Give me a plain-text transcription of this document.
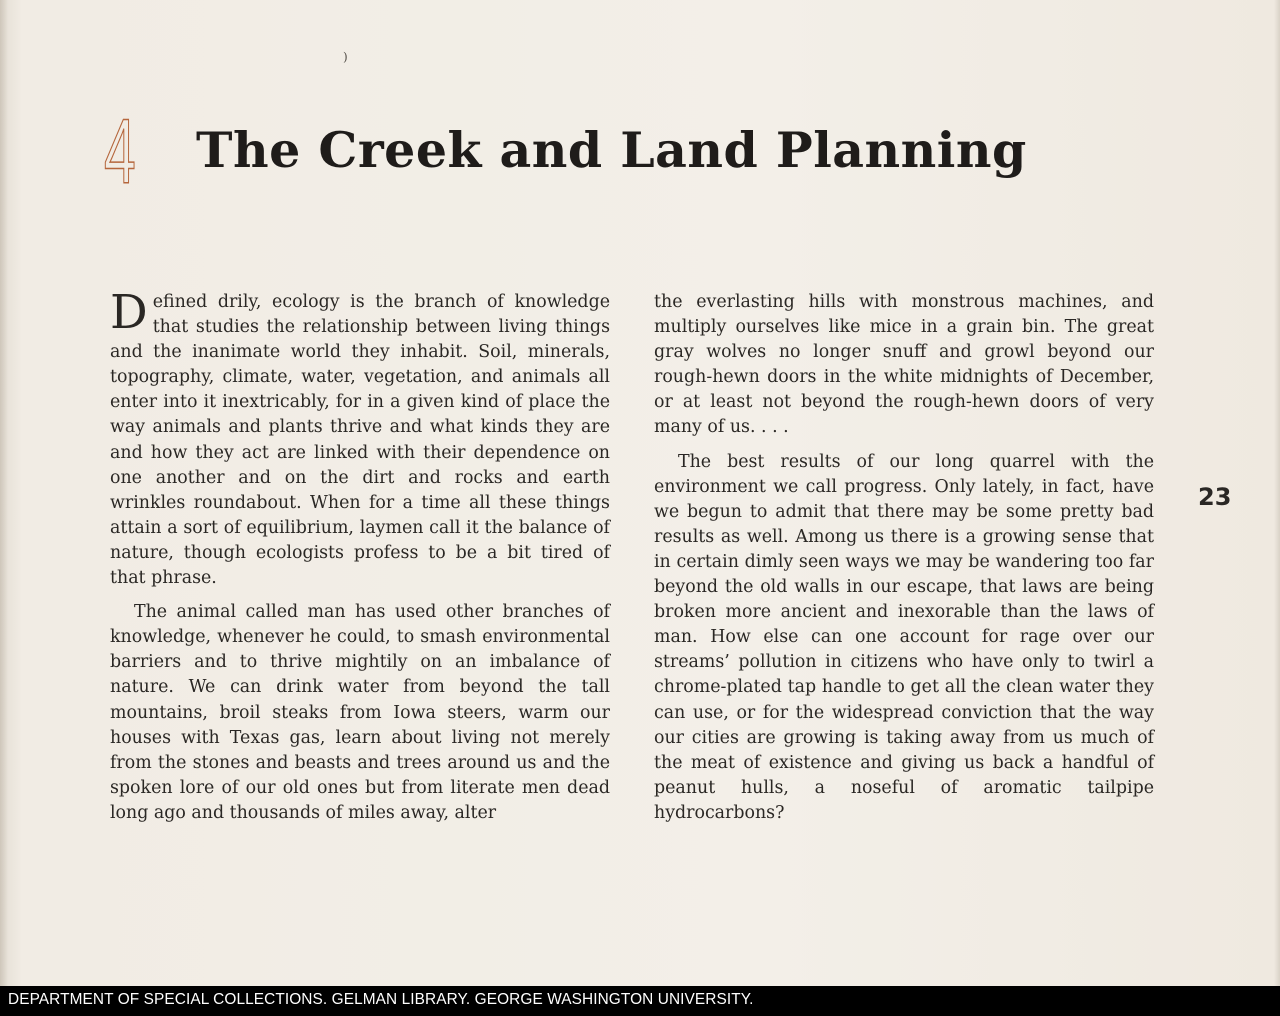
)
4 The Creek and Land Planning

Defined drily, ecology is the branch of knowledge that studies the relationship between living things and the inanimate world they inhabit. Soil, minerals, topography, climate, water, vegetation, and animals all enter into it inextricably, for in a given kind of place the way animals and plants thrive and what kinds they are and how they act are linked with their dependence on one another and on the dirt and rocks and earth wrinkles roundabout. When for a time all these things attain a sort of equilibrium, laymen call it the balance of nature, though ecologists profess to be a bit tired of that phrase.

The animal called man has used other branches of knowledge, whenever he could, to smash environmental barriers and to thrive mightily on an imbalance of nature. We can drink water from beyond the tall mountains, broil steaks from Iowa steers, warm our houses with Texas gas, learn about living not merely from the stones and beasts and trees around us and the spoken lore of our old ones but from literate men dead long ago and thousands of miles away, alter

the everlasting hills with monstrous machines, and multiply ourselves like mice in a grain bin. The great gray wolves no longer snuff and growl beyond our rough-hewn doors in the white midnights of December, or at least not beyond the rough-hewn doors of very many of us. . . .

The best results of our long quarrel with the environment we call progress. Only lately, in fact, have we begun to admit that there may be some pretty bad results as well. Among us there is a growing sense that in certain dimly seen ways we may be wandering too far beyond the old walls in our escape, that laws are being broken more ancient and inexorable than the laws of man. How else can one account for rage over our streams’ pollution in citizens who have only to twirl a chrome-plated tap handle to get all the clean water they can use, or for the widespread conviction that the way our cities are growing is taking away from us much of the meat of existence and giving us back a handful of peanut hulls, a noseful of aromatic tailpipe hydrocarbons?

23
DEPARTMENT OF SPECIAL COLLECTIONS. GELMAN LIBRARY. GEORGE WASHINGTON UNIVERSITY.
